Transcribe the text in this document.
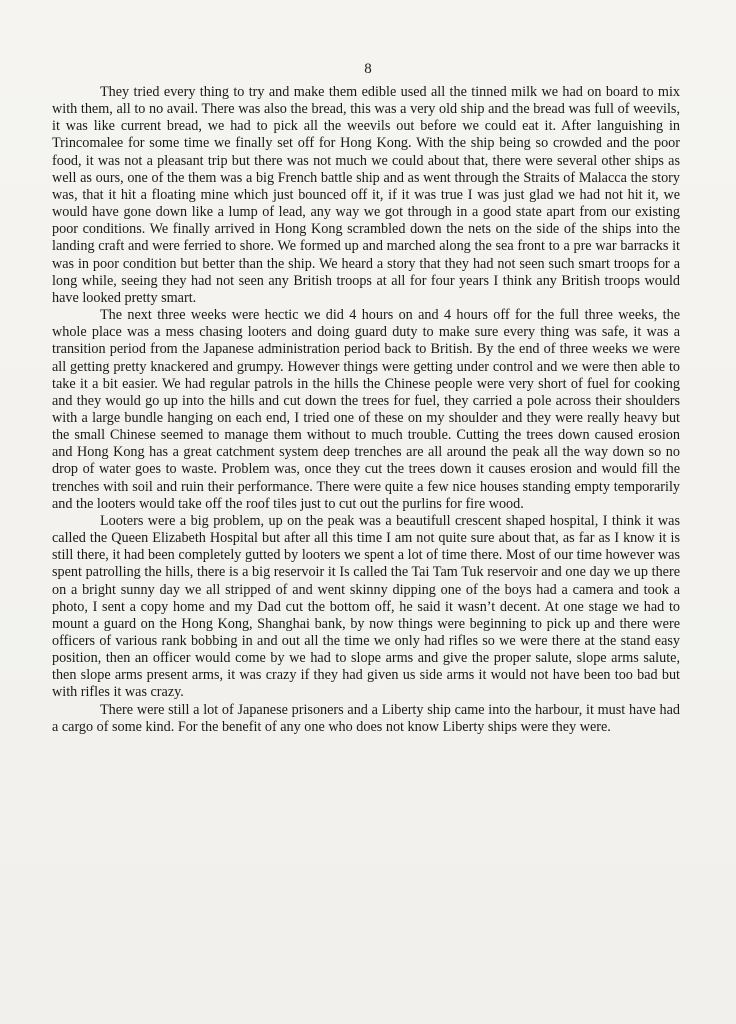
8

They tried every thing to try and make them edible used all the tinned milk we had on board to mix with them, all to no avail. There was also the bread, this was a very old ship and the bread was full of weevils, it was like current bread, we had to pick all the weevils out before we could eat it. After languishing in Trincomalee for some time we finally set off for Hong Kong. With the ship being so crowded and the poor food, it was not a pleasant trip but there was not much we could about that, there were several other ships as well as ours, one of the them was a big French battle ship and as went through the Straits of Malacca the story was, that it hit a floating mine which just bounced off it, if it was true I was just glad we had not hit it, we would have gone down like a lump of lead, any way we got through in a good state apart from our existing poor conditions. We finally arrived in Hong Kong scrambled down the nets on the side of the ships into the landing craft and were ferried to shore. We formed up and marched along the sea front to a pre war barracks it was in poor condition but better than the ship. We heard a story that they had not seen such smart troops for a long while, seeing they had not seen any British troops at all for four years I think any British troops would have looked pretty smart.

The next three weeks were hectic we did 4 hours on and 4 hours off for the full three weeks, the whole place was a mess chasing looters and doing guard duty to make sure every thing was safe, it was a transition period from the Japanese administration period back to British. By the end of three weeks we were all getting pretty knackered and grumpy. However things were getting under control and we were then able to take it a bit easier. We had regular patrols in the hills the Chinese people were very short of fuel for cooking and they would go up into the hills and cut down the trees for fuel, they carried a pole across their shoulders with a large bundle hanging on each end, I tried one of these on my shoulder and they were really heavy but the small Chinese seemed to manage them without to much trouble. Cutting the trees down caused erosion and Hong Kong has a great catchment system deep trenches are all around the peak all the way down so no drop of water goes to waste. Problem was, once they cut the trees down it causes erosion and would fill the trenches with soil and ruin their performance. There were quite a few nice houses standing empty temporarily and the looters would take off the roof tiles just to cut out the purlins for fire wood.

Looters were a big problem, up on the peak was a beautifull crescent shaped hospital, I think it was called the Queen Elizabeth Hospital but after all this time I am not quite sure about that, as far as I know it is still there, it had been completely gutted by looters we spent a lot of time there. Most of our time however was spent patrolling the hills, there is a big reservoir it Is called the Tai Tam Tuk reservoir and one day we up there on a bright sunny day we all stripped of and went skinny dipping one of the boys had a camera and took a photo, I sent a copy home and my Dad cut the bottom off, he said it wasn’t decent. At one stage we had to mount a guard on the Hong Kong, Shanghai bank, by now things were beginning to pick up and there were officers of various rank bobbing in and out all the time we only had rifles so we were there at the stand easy position, then an officer would come by we had to slope arms and give the proper salute, slope arms salute, then slope arms present arms, it was crazy if they had given us side arms it would not have been too bad but with rifles it was crazy.

There were still a lot of Japanese prisoners and a Liberty ship came into the harbour, it must have had a cargo of some kind. For the benefit of any one who does not know Liberty ships were they were.
